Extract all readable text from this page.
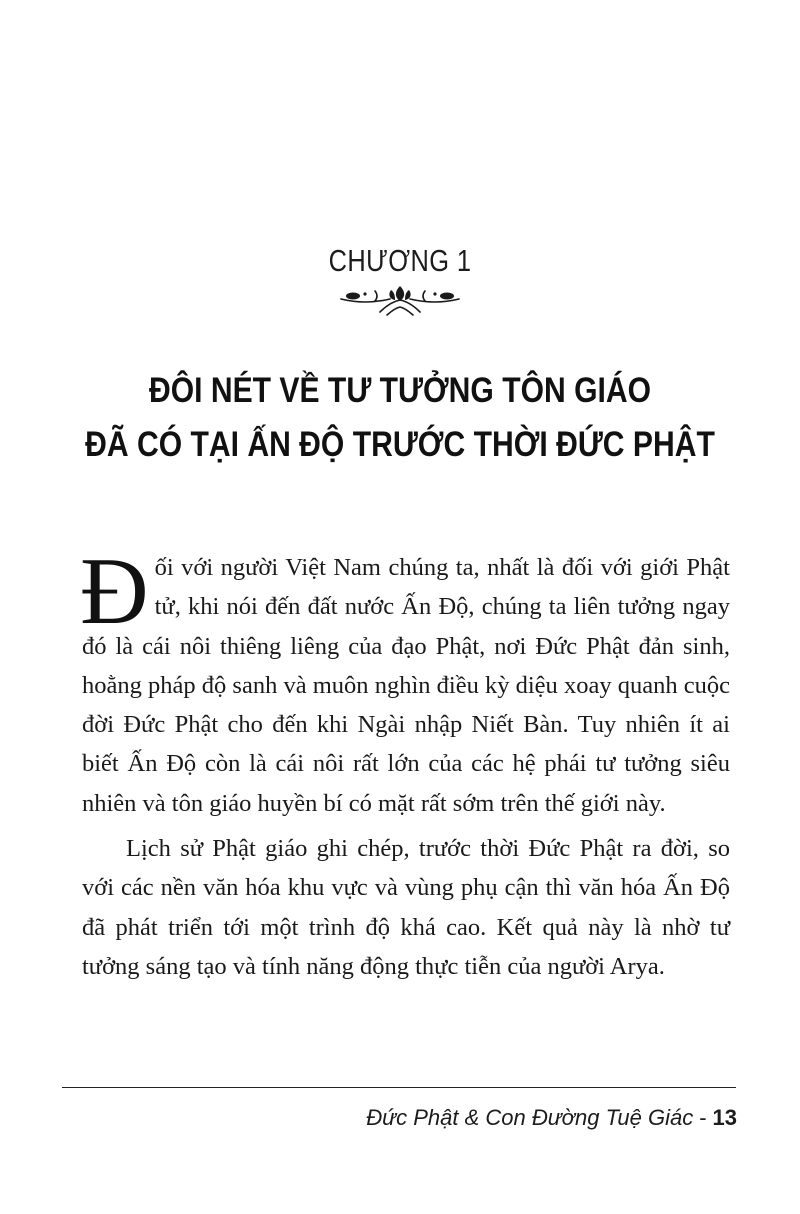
CHƯƠNG 1
ĐÔI NÉT VỀ TƯ TƯỞNG TÔN GIÁO
ĐÃ CÓ TẠI ẤN ĐỘ TRƯỚC THỜI ĐỨC PHẬT

Đối với người Việt Nam chúng ta, nhất là đối với giới Phật tử, khi nói đến đất nước Ấn Độ, chúng ta liên tưởng ngay đó là cái nôi thiêng liêng của đạo Phật, nơi Đức Phật đản sinh, hoằng pháp độ sanh và muôn nghìn điều kỳ diệu xoay quanh cuộc đời Đức Phật cho đến khi Ngài nhập Niết Bàn. Tuy nhiên ít ai biết Ấn Độ còn là cái nôi rất lớn của các hệ phái tư tưởng siêu nhiên và tôn giáo huyền bí có mặt rất sớm trên thế giới này.

Lịch sử Phật giáo ghi chép, trước thời Đức Phật ra đời, so với các nền văn hóa khu vực và vùng phụ cận thì văn hóa Ấn Độ đã phát triển tới một trình độ khá cao. Kết quả này là nhờ tư tưởng sáng tạo và tính năng động thực tiễn của người Arya.

Đức Phật & Con Đường Tuệ Giác - 13
